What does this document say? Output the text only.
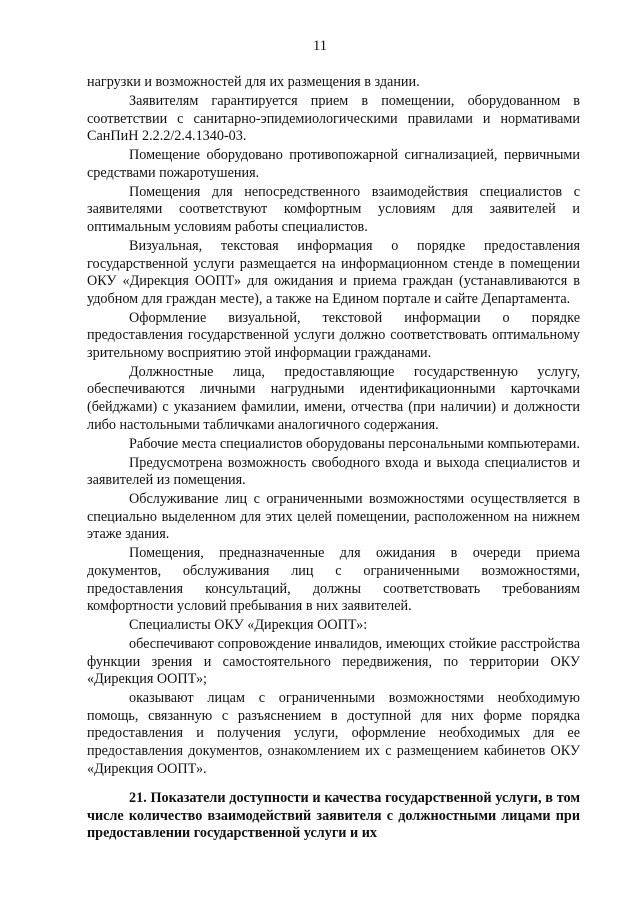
11

нагрузки и возможностей для их размещения в здании.

Заявителям гарантируется прием в помещении, оборудованном в соответствии с санитарно-эпидемиологическими правилами и нормативами СанПиН 2.2.2/2.4.1340-03.

Помещение оборудовано противопожарной сигнализацией, первичными средствами пожаротушения.

Помещения для непосредственного взаимодействия специалистов с заявителями соответствуют комфортным условиям для заявителей и оптимальным условиям работы специалистов.

Визуальная, текстовая информация о порядке предоставления государственной услуги размещается на информационном стенде в помещении ОКУ «Дирекция ООПТ» для ожидания и приема граждан (устанавливаются в удобном для граждан месте), а также на Едином портале и сайте Департамента.

Оформление визуальной, текстовой информации о порядке предоставления государственной услуги должно соответствовать оптимальному зрительному восприятию этой информации гражданами.

Должностные лица, предоставляющие государственную услугу, обеспечиваются личными нагрудными идентификационными карточками (бейджами) с указанием фамилии, имени, отчества (при наличии) и должности либо настольными табличками аналогичного содержания.

Рабочие места специалистов оборудованы персональными компьютерами.

Предусмотрена возможность свободного входа и выхода специалистов и заявителей из помещения.

Обслуживание лиц с ограниченными возможностями осуществляется в специально выделенном для этих целей помещении, расположенном на нижнем этаже здания.

Помещения, предназначенные для ожидания в очереди приема документов, обслуживания лиц с ограниченными возможностями, предоставления консультаций, должны соответствовать требованиям комфортности условий пребывания в них заявителей.

Специалисты ОКУ «Дирекция ООПТ»:

обеспечивают сопровождение инвалидов, имеющих стойкие расстройства функции зрения и самостоятельного передвижения, по территории ОКУ «Дирекция ООПТ»;

оказывают лицам с ограниченными возможностями необходимую помощь, связанную с разъяснением в доступной для них форме порядка предоставления и получения услуги, оформление необходимых для ее предоставления документов, ознакомлением их с размещением кабинетов ОКУ «Дирекция ООПТ».

21. Показатели доступности и качества государственной услуги, в том числе количество взаимодействий заявителя с должностными лицами при предоставлении государственной услуги и их
